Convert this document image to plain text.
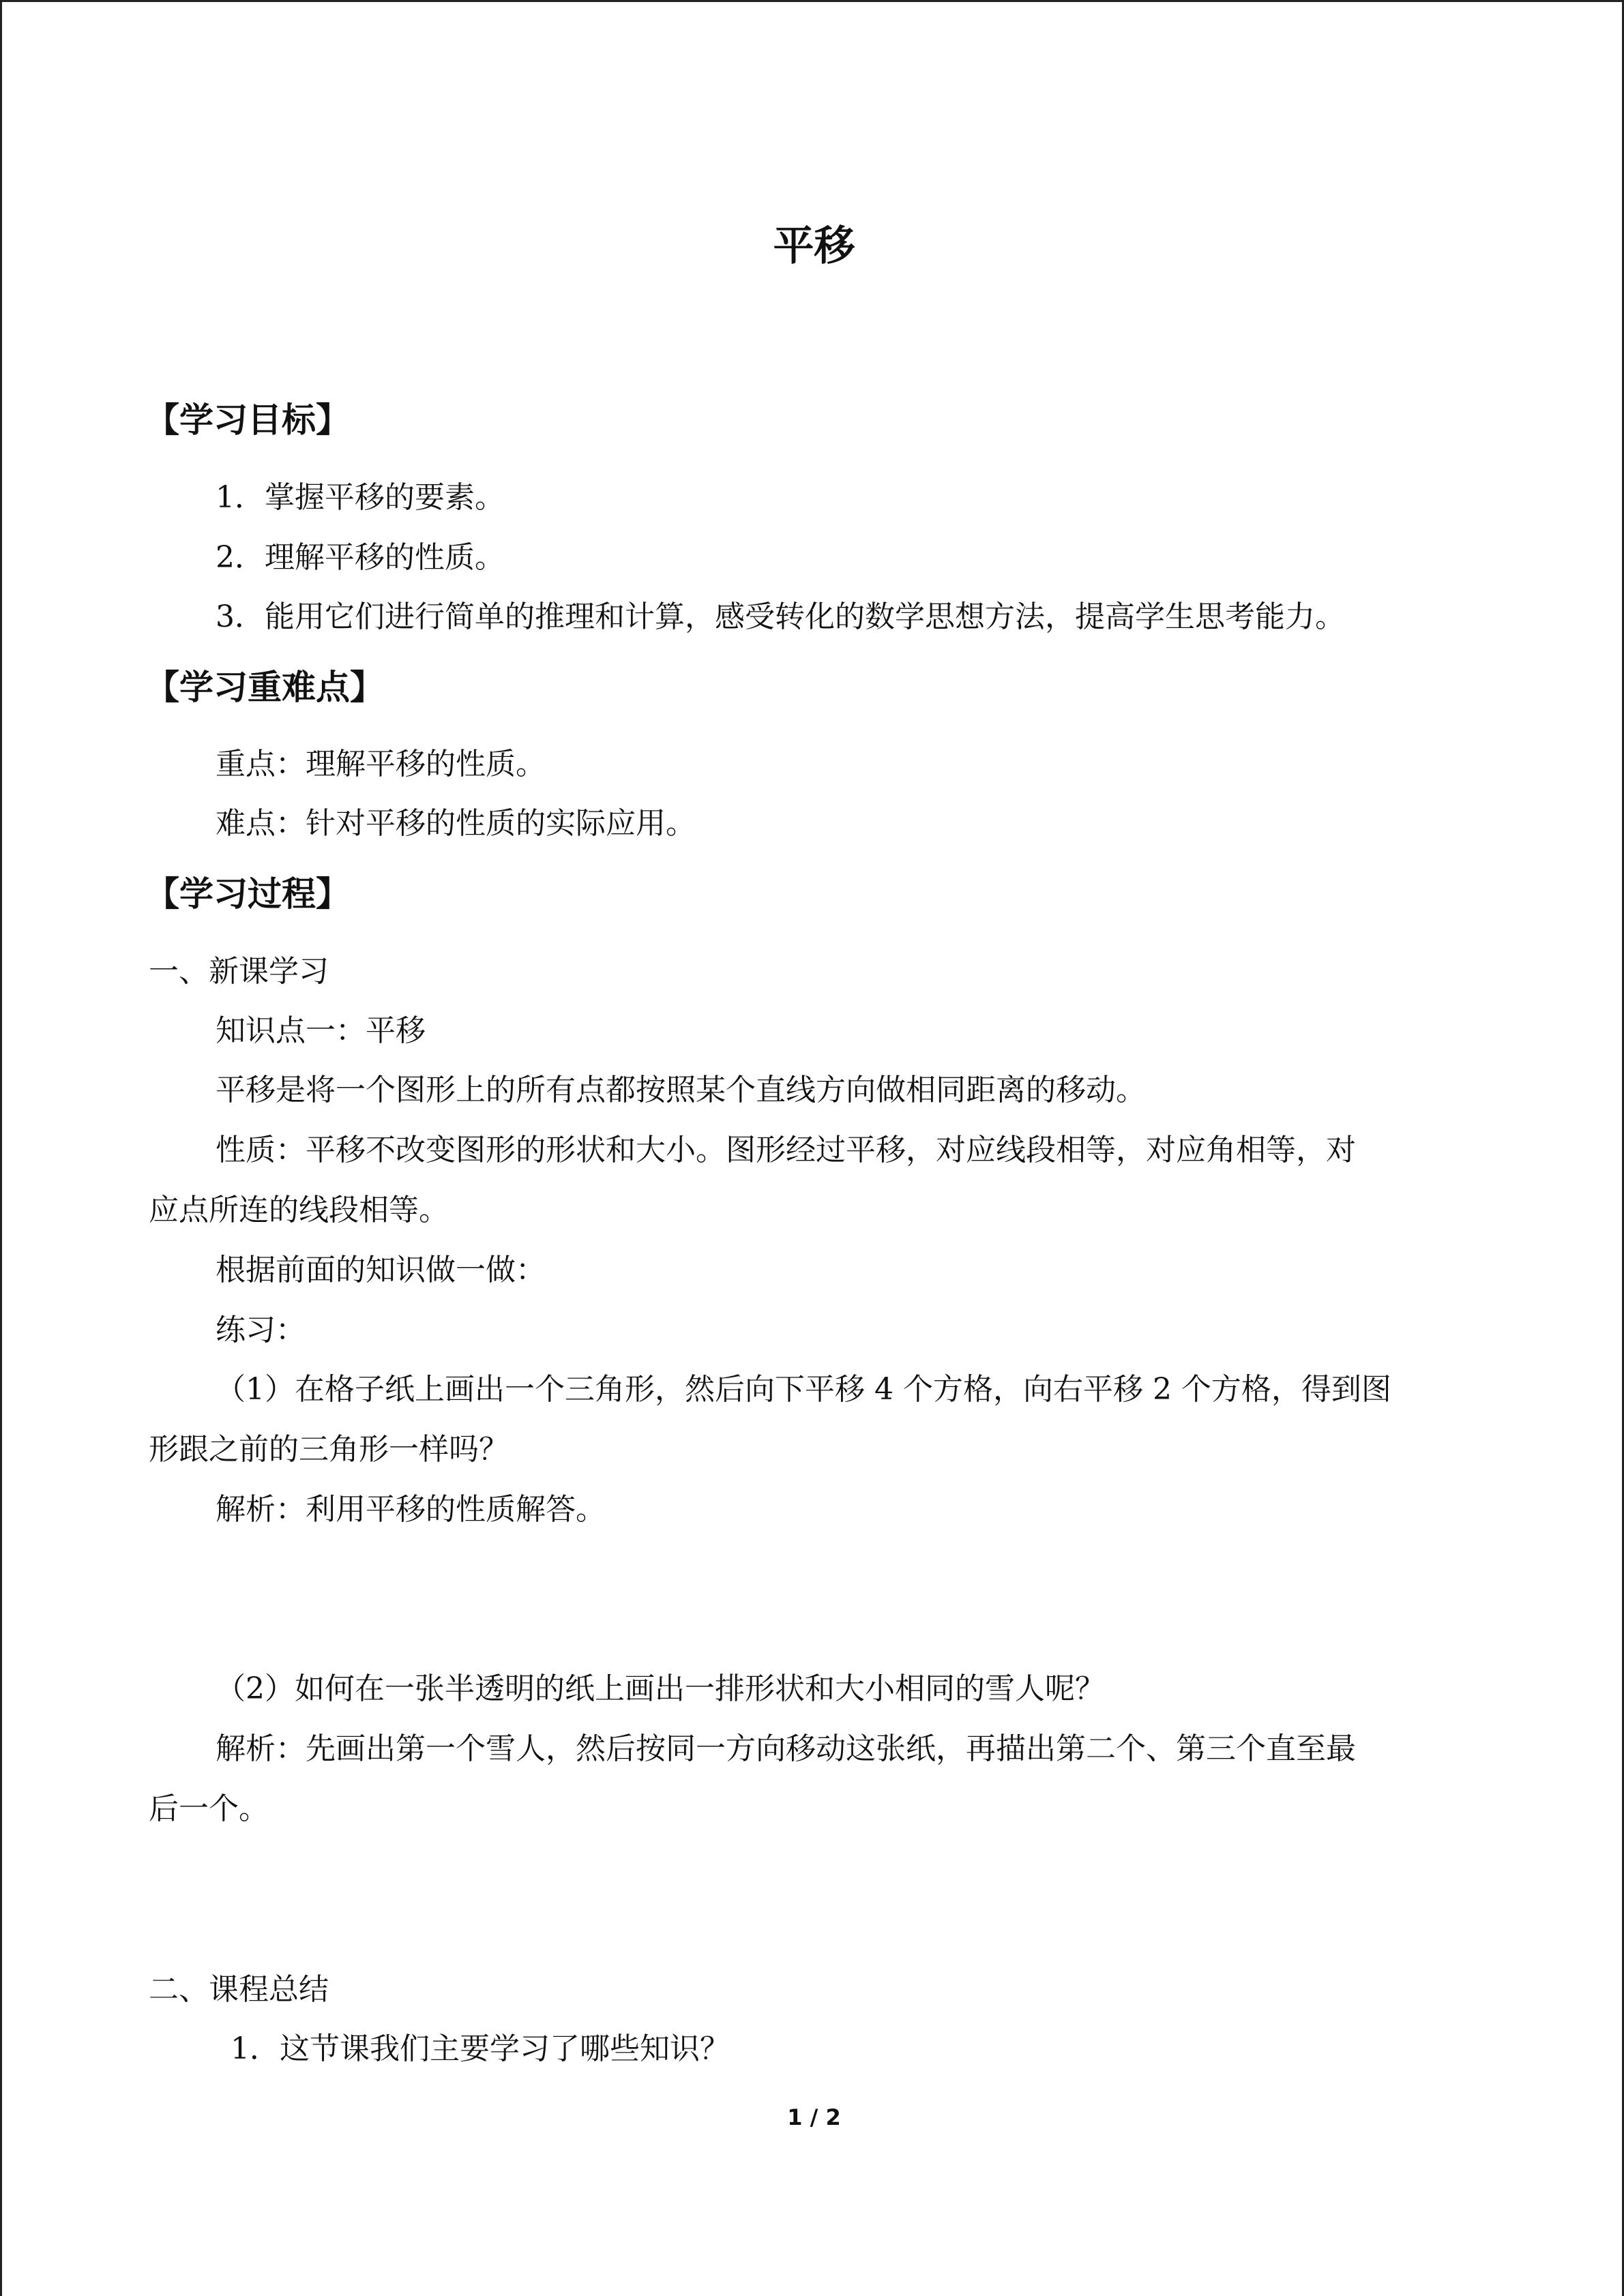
平移
【学习目标】
1．掌握平移的要素。
2．理解平移的性质。
3．能用它们进行简单的推理和计算，感受转化的数学思想方法，提高学生思考能力。
【学习重难点】
重点：理解平移的性质。
难点：针对平移的性质的实际应用。
【学习过程】
一、新课学习
知识点一：平移
平移是将一个图形上的所有点都按照某个直线方向做相同距离的移动。
性质：平移不改变图形的形状和大小。图形经过平移，对应线段相等，对应角相等，对
应点所连的线段相等。
根据前面的知识做一做：
练习：
（1）在格子纸上画出一个三角形，然后向下平移 4 个方格，向右平移 2 个方格，得到图
形跟之前的三角形一样吗？
解析：利用平移的性质解答。
（2）如何在一张半透明的纸上画出一排形状和大小相同的雪人呢？
解析：先画出第一个雪人，然后按同一方向移动这张纸，再描出第二个、第三个直至最
后一个。
二、课程总结
1．这节课我们主要学习了哪些知识？
1 / 2
